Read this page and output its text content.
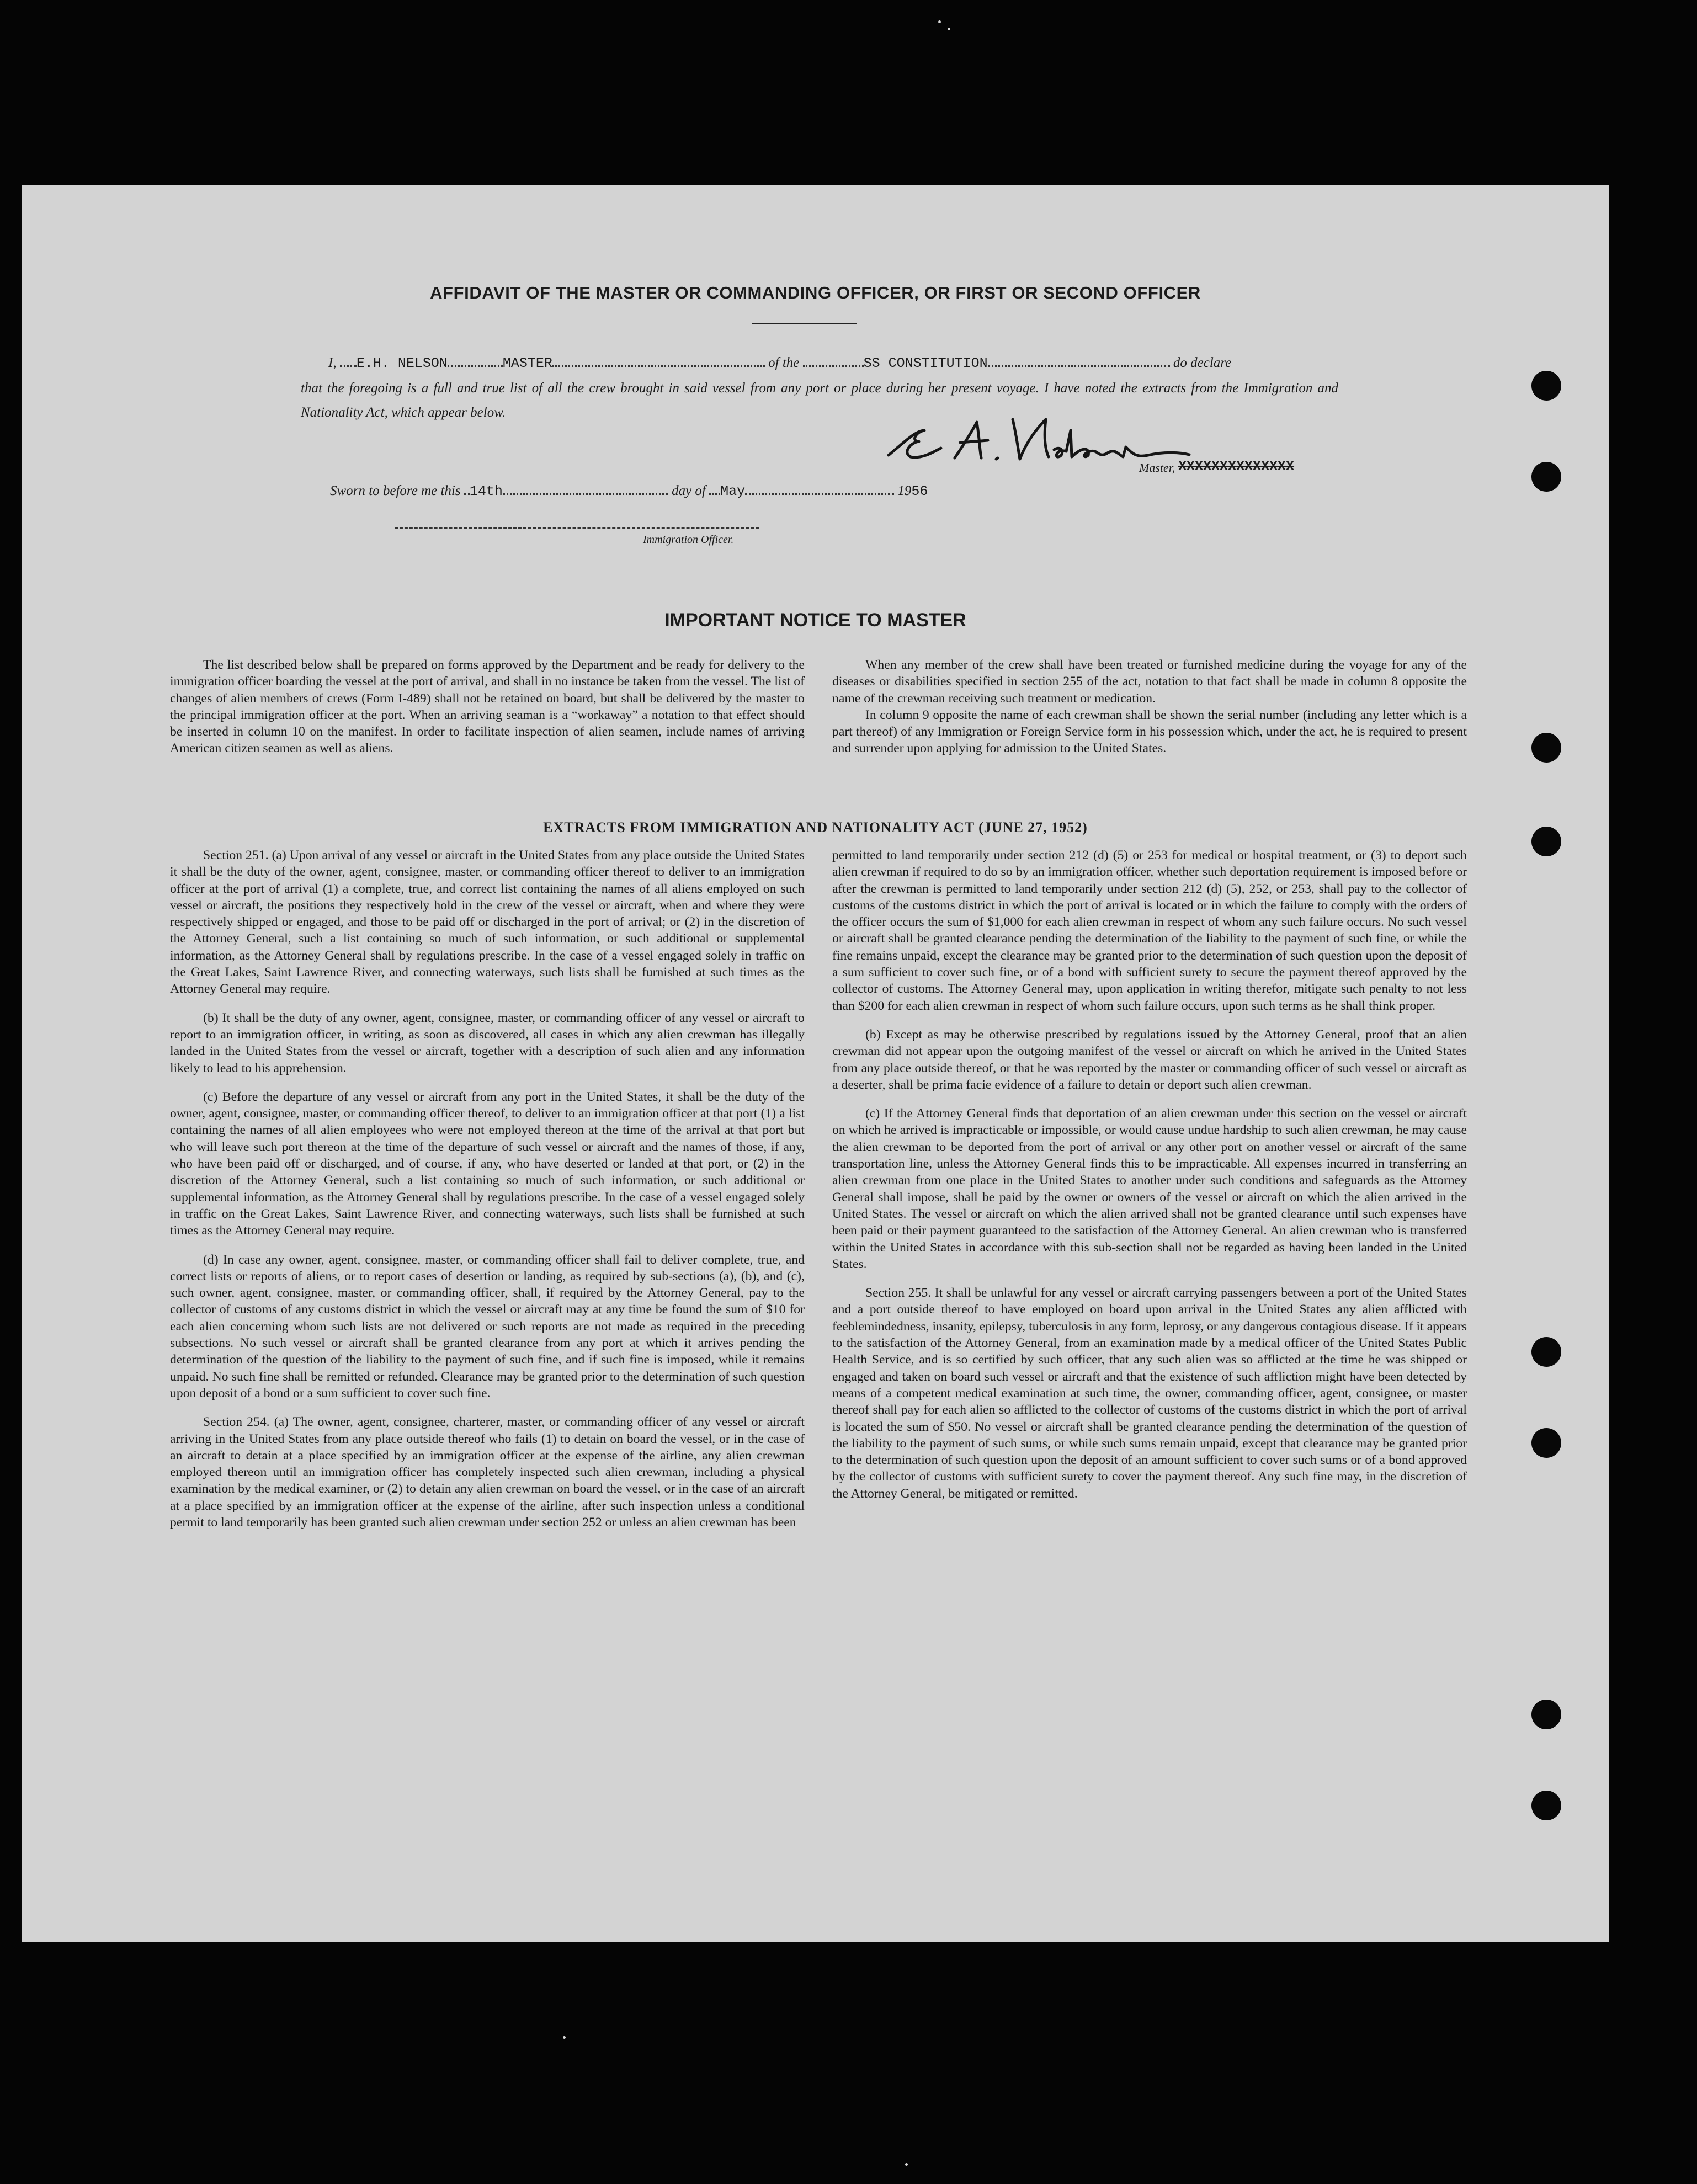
AFFIDAVIT OF THE MASTER OR COMMANDING OFFICER, OR FIRST OR SECOND OFFICER
I, E.H. NELSON	MASTER	of the	SS CONSTITUTION	do declare
that the foregoing is a full and true list of all the crew brought in said vessel from any port or place during her present voyage. I have noted the extracts from the Immigration and Nationality Act, which appear below.
Master, XXXXXXXXXXXXXX
Sworn to before me this 14th	day of May	1956
Immigration Officer.
IMPORTANT NOTICE TO MASTER

The list described below shall be prepared on forms approved by the Department and be ready for delivery to the immigration officer boarding the vessel at the port of arrival, and shall in no instance be taken from the vessel. The list of changes of alien members of crews (Form I-489) shall not be retained on board, but shall be delivered by the master to the principal immigration officer at the port. When an arriving seaman is a “workaway” a notation to that effect should be inserted in column 10 on the manifest. In order to facilitate inspection of alien seamen, include names of arriving American citizen seamen as well as aliens.

When any member of the crew shall have been treated or furnished medicine during the voyage for any of the diseases or disabilities specified in section 255 of the act, notation to that fact shall be made in column 8 opposite the name of the crewman receiving such treatment or medication.

In column 9 opposite the name of each crewman shall be shown the serial number (including any letter which is a part thereof) of any Immigration or Foreign Service form in his possession which, under the act, he is required to present and surrender upon applying for admission to the United States.

EXTRACTS FROM IMMIGRATION AND NATIONALITY ACT (JUNE 27, 1952)

Section 251. (a) Upon arrival of any vessel or aircraft in the United States from any place outside the United States it shall be the duty of the owner, agent, consignee, master, or commanding officer thereof to deliver to an immigration officer at the port of arrival (1) a complete, true, and correct list containing the names of all aliens employed on such vessel or aircraft, the positions they respectively hold in the crew of the vessel or aircraft, when and where they were respectively shipped or engaged, and those to be paid off or discharged in the port of arrival; or (2) in the discretion of the Attorney General, such a list containing so much of such information, or such additional or supplemental information, as the Attorney General shall by regulations prescribe. In the case of a vessel engaged solely in traffic on the Great Lakes, Saint Lawrence River, and connecting waterways, such lists shall be furnished at such times as the Attorney General may require.

(b) It shall be the duty of any owner, agent, consignee, master, or commanding officer of any vessel or aircraft to report to an immigration officer, in writing, as soon as discovered, all cases in which any alien crewman has illegally landed in the United States from the vessel or aircraft, together with a description of such alien and any information likely to lead to his apprehension.

(c) Before the departure of any vessel or aircraft from any port in the United States, it shall be the duty of the owner, agent, consignee, master, or commanding officer thereof, to deliver to an immigration officer at that port (1) a list containing the names of all alien employees who were not employed thereon at the time of the arrival at that port but who will leave such port thereon at the time of the departure of such vessel or aircraft and the names of those, if any, who have been paid off or discharged, and of course, if any, who have deserted or landed at that port, or (2) in the discretion of the Attorney General, such a list containing so much of such information, or such additional or supplemental information, as the Attorney General shall by regulations prescribe. In the case of a vessel engaged solely in traffic on the Great Lakes, Saint Lawrence River, and connecting waterways, such lists shall be furnished at such times as the Attorney General may require.

(d) In case any owner, agent, consignee, master, or commanding officer shall fail to deliver complete, true, and correct lists or reports of aliens, or to report cases of desertion or landing, as required by sub-sections (a), (b), and (c), such owner, agent, consignee, master, or commanding officer, shall, if required by the Attorney General, pay to the collector of customs of any customs district in which the vessel or aircraft may at any time be found the sum of $10 for each alien concerning whom such lists are not delivered or such reports are not made as required in the preceding subsections. No such vessel or aircraft shall be granted clearance from any port at which it arrives pending the determination of the question of the liability to the payment of such fine, and if such fine is imposed, while it remains unpaid. No such fine shall be remitted or refunded. Clearance may be granted prior to the determination of such question upon deposit of a bond or a sum sufficient to cover such fine.

Section 254. (a) The owner, agent, consignee, charterer, master, or commanding officer of any vessel or aircraft arriving in the United States from any place outside thereof who fails (1) to detain on board the vessel, or in the case of an aircraft to detain at a place specified by an immigration officer at the expense of the airline, any alien crewman employed thereon until an immigration officer has completely inspected such alien crewman, including a physical examination by the medical examiner, or (2) to detain any alien crewman on board the vessel, or in the case of an aircraft at a place specified by an immigration officer at the expense of the airline, after such inspection unless a conditional permit to land temporarily has been granted such alien crewman under section 252 or unless an alien crewman has been

permitted to land temporarily under section 212 (d) (5) or 253 for medical or hospital treatment, or (3) to deport such alien crewman if required to do so by an immigration officer, whether such deportation requirement is imposed before or after the crewman is permitted to land temporarily under section 212 (d) (5), 252, or 253, shall pay to the collector of customs of the customs district in which the port of arrival is located or in which the failure to comply with the orders of the officer occurs the sum of $1,000 for each alien crewman in respect of whom any such failure occurs. No such vessel or aircraft shall be granted clearance pending the determination of the liability to the payment of such fine, or while the fine remains unpaid, except the clearance may be granted prior to the determination of such question upon the deposit of a sum sufficient to cover such fine, or of a bond with sufficient surety to secure the payment thereof approved by the collector of customs. The Attorney General may, upon application in writing therefor, mitigate such penalty to not less than $200 for each alien crewman in respect of whom such failure occurs, upon such terms as he shall think proper.

(b) Except as may be otherwise prescribed by regulations issued by the Attorney General, proof that an alien crewman did not appear upon the outgoing manifest of the vessel or aircraft on which he arrived in the United States from any place outside thereof, or that he was reported by the master or commanding officer of such vessel or aircraft as a deserter, shall be prima facie evidence of a failure to detain or deport such alien crewman.

(c) If the Attorney General finds that deportation of an alien crewman under this section on the vessel or aircraft on which he arrived is impracticable or impossible, or would cause undue hardship to such alien crewman, he may cause the alien crewman to be deported from the port of arrival or any other port on another vessel or aircraft of the same transportation line, unless the Attorney General finds this to be impracticable. All expenses incurred in transferring an alien crewman from one place in the United States to another under such conditions and safeguards as the Attorney General shall impose, shall be paid by the owner or owners of the vessel or aircraft on which the alien arrived in the United States. The vessel or aircraft on which the alien arrived shall not be granted clearance until such expenses have been paid or their payment guaranteed to the satisfaction of the Attorney General. An alien crewman who is transferred within the United States in accordance with this sub-section shall not be regarded as having been landed in the United States.

Section 255. It shall be unlawful for any vessel or aircraft carrying passengers between a port of the United States and a port outside thereof to have employed on board upon arrival in the United States any alien afflicted with feeblemindedness, insanity, epilepsy, tuberculosis in any form, leprosy, or any dangerous contagious disease. If it appears to the satisfaction of the Attorney General, from an examination made by a medical officer of the United States Public Health Service, and is so certified by such officer, that any such alien was so afflicted at the time he was shipped or engaged and taken on board such vessel or aircraft and that the existence of such affliction might have been detected by means of a competent medical examination at such time, the owner, commanding officer, agent, consignee, or master thereof shall pay for each alien so afflicted to the collector of customs of the customs district in which the port of arrival is located the sum of $50. No vessel or aircraft shall be granted clearance pending the determination of the question of the liability to the payment of such sums, or while such sums remain unpaid, except that clearance may be granted prior to the determination of such question upon the deposit of an amount sufficient to cover such sums or of a bond approved by the collector of customs with sufficient surety to cover the payment thereof. Any such fine may, in the discretion of the Attorney General, be mitigated or remitted.
